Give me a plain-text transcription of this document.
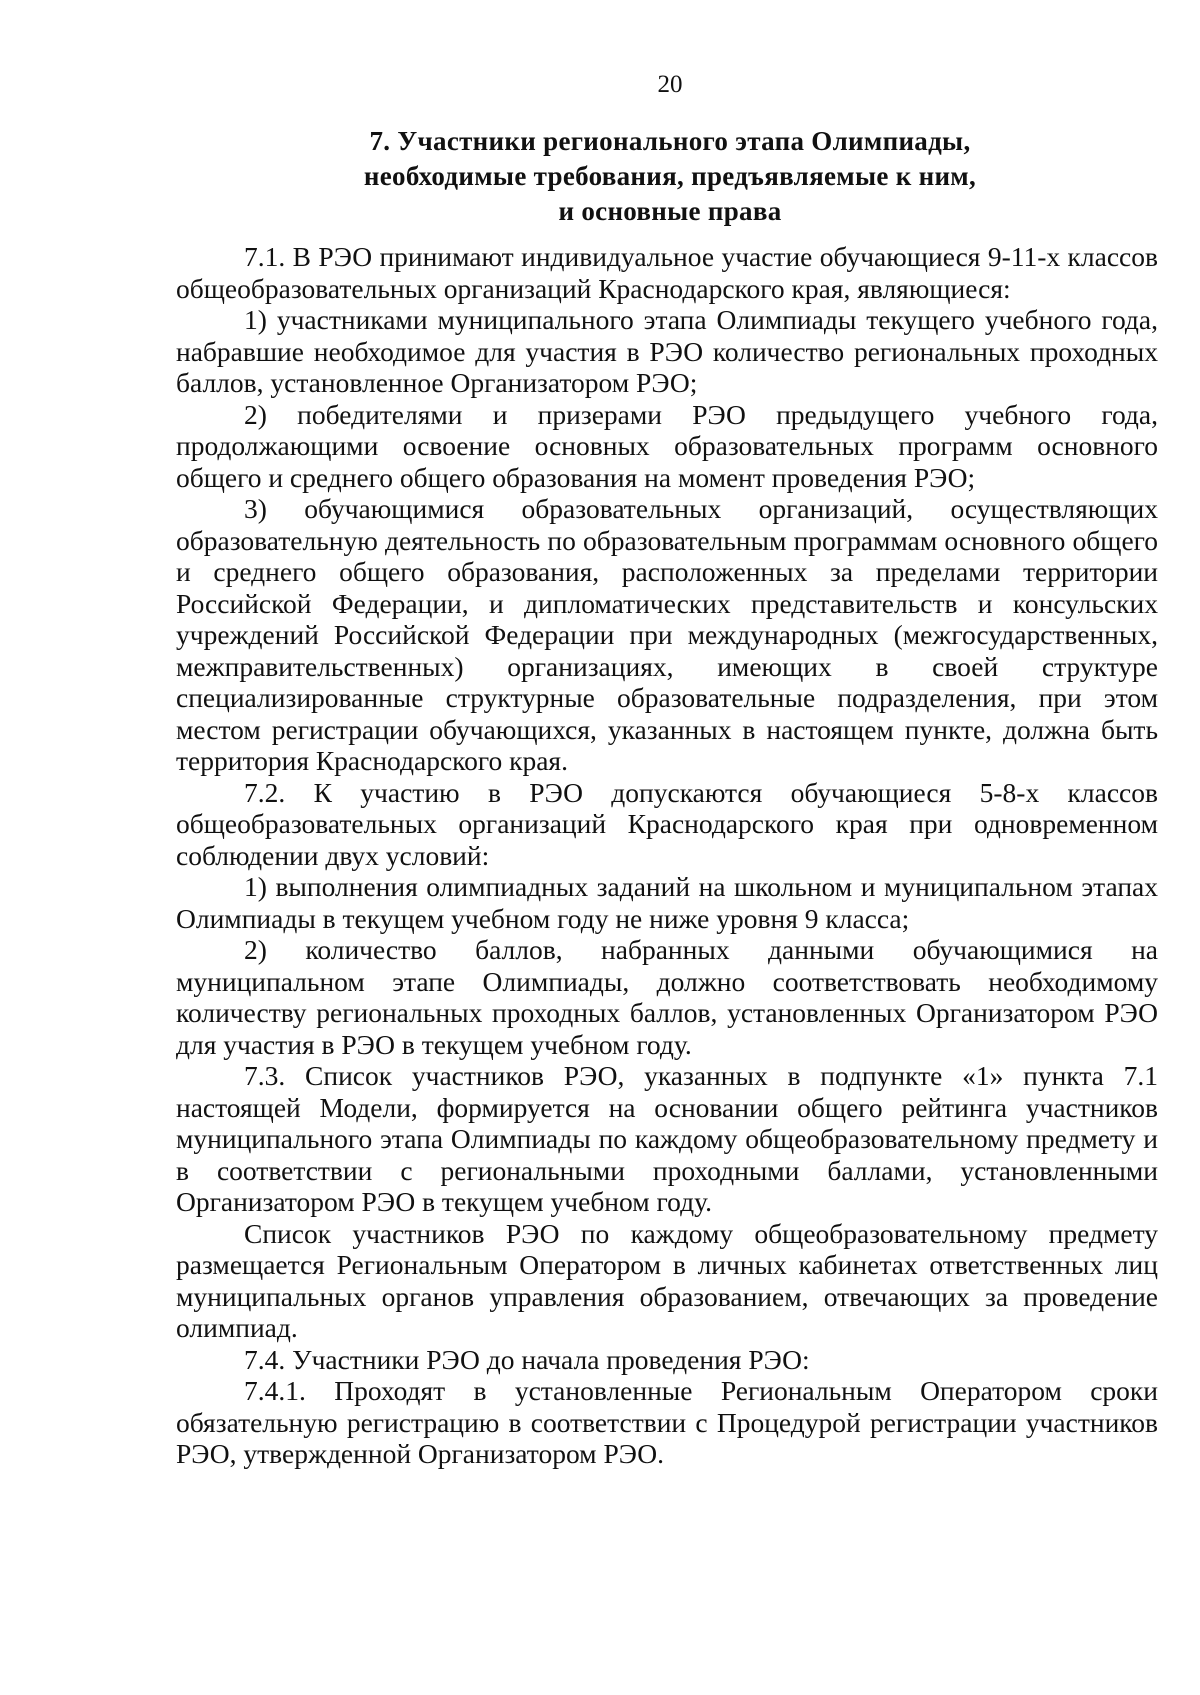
20
7. Участники регионального этапа Олимпиады,
необходимые требования, предъявляемые к ним,
и основные права

7.1. В РЭО принимают индивидуальное участие обучающиеся 9-11-х классов общеобразовательных организаций Краснодарского края, являющиеся:

1) участниками муниципального этапа Олимпиады текущего учебного года, набравшие необходимое для участия в РЭО количество региональных проходных баллов, установленное Организатором РЭО;

2) победителями и призерами РЭО предыдущего учебного года, продолжающими освоение основных образовательных программ основного общего и среднего общего образования на момент проведения РЭО;

3) обучающимися образовательных организаций, осуществляющих образовательную деятельность по образовательным программам основного общего и среднего общего образования, расположенных за пределами территории Российской Федерации, и дипломатических представительств и консульских учреждений Российской Федерации при международных (межгосударственных, межправительственных) организациях, имеющих в своей структуре специализированные структурные образовательные подразделения, при этом местом регистрации обучающихся, указанных в настоящем пункте, должна быть территория Краснодарского края.

7.2. К участию в РЭО допускаются обучающиеся 5-8-х классов общеобразовательных организаций Краснодарского края при одновременном соблюдении двух условий:

1) выполнения олимпиадных заданий на школьном и муниципальном этапах Олимпиады в текущем учебном году не ниже уровня 9 класса;

2) количество баллов, набранных данными обучающимися на муниципальном этапе Олимпиады, должно соответствовать необходимому количеству региональных проходных баллов, установленных Организатором РЭО для участия в РЭО в текущем учебном году.

7.3. Список участников РЭО, указанных в подпункте «1» пункта 7.1 настоящей Модели, формируется на основании общего рейтинга участников муниципального этапа Олимпиады по каждому общеобразовательному предмету и в соответствии с региональными проходными баллами, установленными Организатором РЭО в текущем учебном году.

Список участников РЭО по каждому общеобразовательному предмету размещается Региональным Оператором в личных кабинетах ответственных лиц муниципальных органов управления образованием, отвечающих за проведение олимпиад.

7.4. Участники РЭО до начала проведения РЭО:

7.4.1. Проходят в установленные Региональным Оператором сроки обязательную регистрацию в соответствии с Процедурой регистрации участников РЭО, утвержденной Организатором РЭО.
